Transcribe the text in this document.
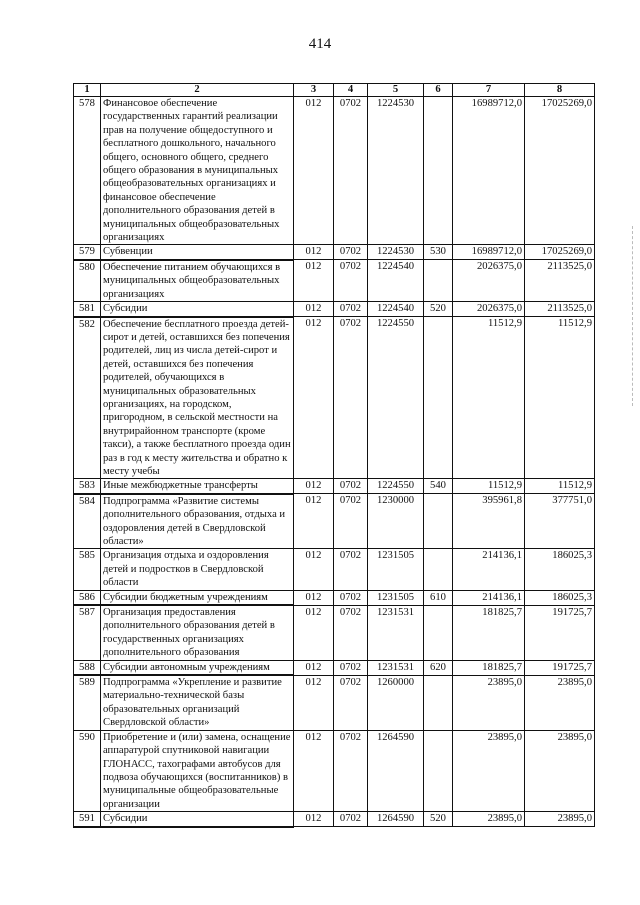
414
1	2	3	4	5	6	7	8
578	Финансовое обеспечение государственных гарантий реализации прав на получение общедоступного и бесплатного дошкольного, начального общего, основного общего, среднего общего образования в муниципальных общеобразовательных организациях и финансовое обеспечение дополнительного образования детей в муниципальных общеобразовательных организациях	012	0702	1224530		16989712,0	17025269,0
579	Субвенции	012	0702	1224530	530	16989712,0	17025269,0
580	Обеспечение питанием обучающихся в муниципальных общеобразовательных организациях	012	0702	1224540		2026375,0	2113525,0
581	Субсидии	012	0702	1224540	520	2026375,0	2113525,0
582	Обеспечение бесплатного проезда детей-сирот и детей, оставшихся без попечения родителей, лиц из числа детей-сирот и детей, оставшихся без попечения родителей, обучающихся в муниципальных образовательных организациях, на городском, пригородном, в сельской местности на внутрирайонном транспорте (кроме такси), а также бесплатного проезда один раз в год к месту жительства и обратно к месту учебы	012	0702	1224550		11512,9	11512,9
583	Иные межбюджетные трансферты	012	0702	1224550	540	11512,9	11512,9
584	Подпрограмма «Развитие системы дополнительного образования, отдыха и оздоровления детей в Свердловской области»	012	0702	1230000		395961,8	377751,0
585	Организация отдыха и оздоровления детей и подростков в Свердловской области	012	0702	1231505		214136,1	186025,3
586	Субсидии бюджетным учреждениям	012	0702	1231505	610	214136,1	186025,3
587	Организация предоставления дополнительного образования детей в государственных организациях дополнительного образования	012	0702	1231531		181825,7	191725,7
588	Субсидии автономным учреждениям	012	0702	1231531	620	181825,7	191725,7
589	Подпрограмма «Укрепление и развитие материально-технической базы образовательных организаций Свердловской области»	012	0702	1260000		23895,0	23895,0
590	Приобретение и (или) замена, оснащение аппаратурой спутниковой навигации ГЛОНАСС, тахографами автобусов для подвоза обучающихся (воспитанников) в муниципальные общеобразовательные организации	012	0702	1264590		23895,0	23895,0
591	Субсидии	012	0702	1264590	520	23895,0	23895,0
